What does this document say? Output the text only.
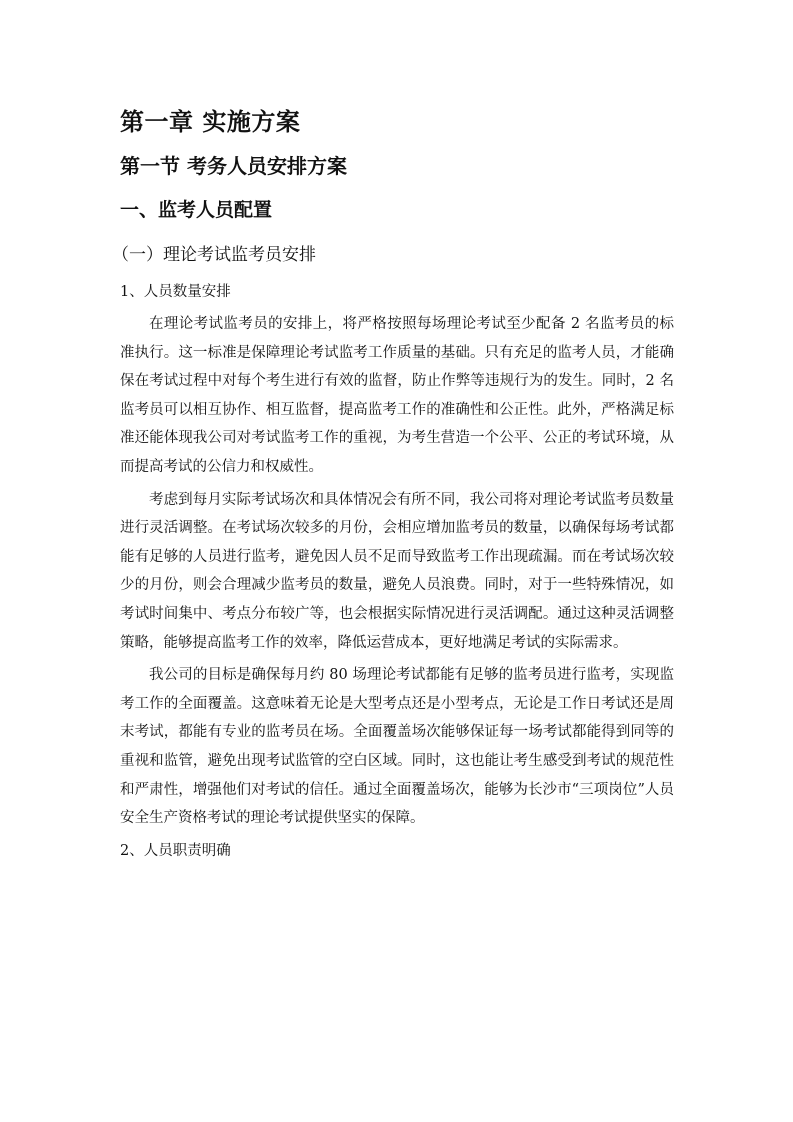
第一章 实施方案
第一节 考务人员安排方案
一、监考人员配置
（一）理论考试监考员安排
1、人员数量安排

在理论考试监考员的安排上，将严格按照每场理论考试至少配备 2 名监考员的标准执行。这一标准是保障理论考试监考工作质量的基础。只有充足的监考人员，才能确保在考试过程中对每个考生进行有效的监督，防止作弊等违规行为的发生。同时，2 名监考员可以相互协作、相互监督，提高监考工作的准确性和公正性。此外，严格满足标准还能体现我公司对考试监考工作的重视，为考生营造一个公平、公正的考试环境，从而提高考试的公信力和权威性。

考虑到每月实际考试场次和具体情况会有所不同，我公司将对理论考试监考员数量进行灵活调整。在考试场次较多的月份，会相应增加监考员的数量，以确保每场考试都能有足够的人员进行监考，避免因人员不足而导致监考工作出现疏漏。而在考试场次较少的月份，则会合理减少监考员的数量，避免人员浪费。同时，对于一些特殊情况，如考试时间集中、考点分布较广等，也会根据实际情况进行灵活调配。通过这种灵活调整策略，能够提高监考工作的效率，降低运营成本，更好地满足考试的实际需求。

我公司的目标是确保每月约 80 场理论考试都能有足够的监考员进行监考，实现监考工作的全面覆盖。这意味着无论是大型考点还是小型考点，无论是工作日考试还是周末考试，都能有专业的监考员在场。全面覆盖场次能够保证每一场考试都能得到同等的重视和监管，避免出现考试监管的空白区域。同时，这也能让考生感受到考试的规范性和严肃性，增强他们对考试的信任。通过全面覆盖场次，能够为长沙市“三项岗位”人员安全生产资格考试的理论考试提供坚实的保障。

2、人员职责明确
